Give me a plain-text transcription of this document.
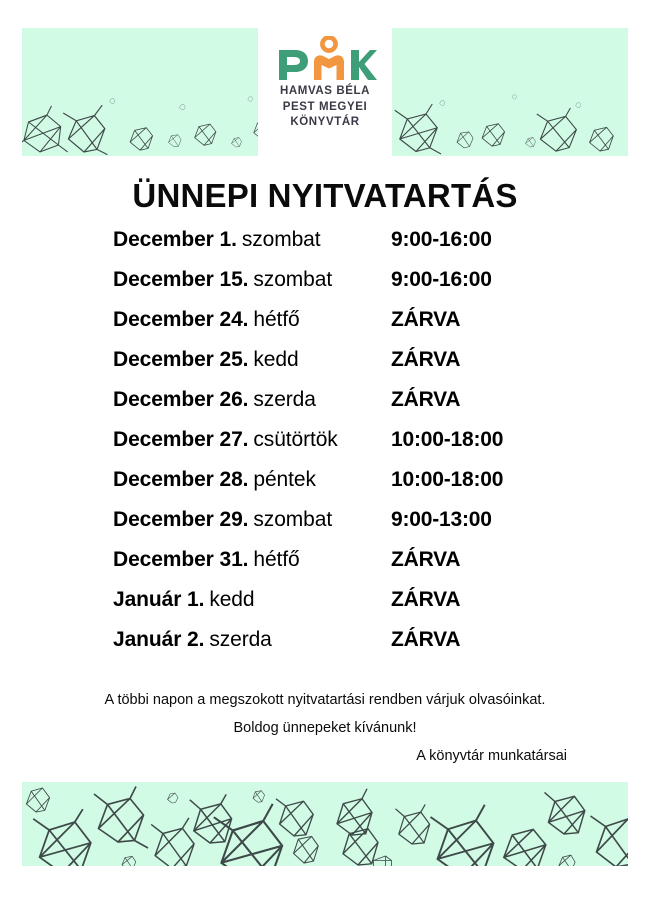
HAMVAS BÉLA
PEST MEGYEI
KÖNYVTÁR
ÜNNEPI NYITVATARTÁS
December 1. szombat	9:00-16:00
December 15. szombat	9:00-16:00
December 24. hétfő	ZÁRVA
December 25. kedd	ZÁRVA
December 26. szerda	ZÁRVA
December 27. csütörtök	10:00-18:00
December 28. péntek	10:00-18:00
December 29. szombat	9:00-13:00
December 31. hétfő	ZÁRVA
Január 1. kedd	ZÁRVA
Január 2. szerda	ZÁRVA
A többi napon a megszokott nyitvatartási rendben várjuk olvasóinkat.
Boldog ünnepeket kívánunk!
A könyvtár munkatársai
